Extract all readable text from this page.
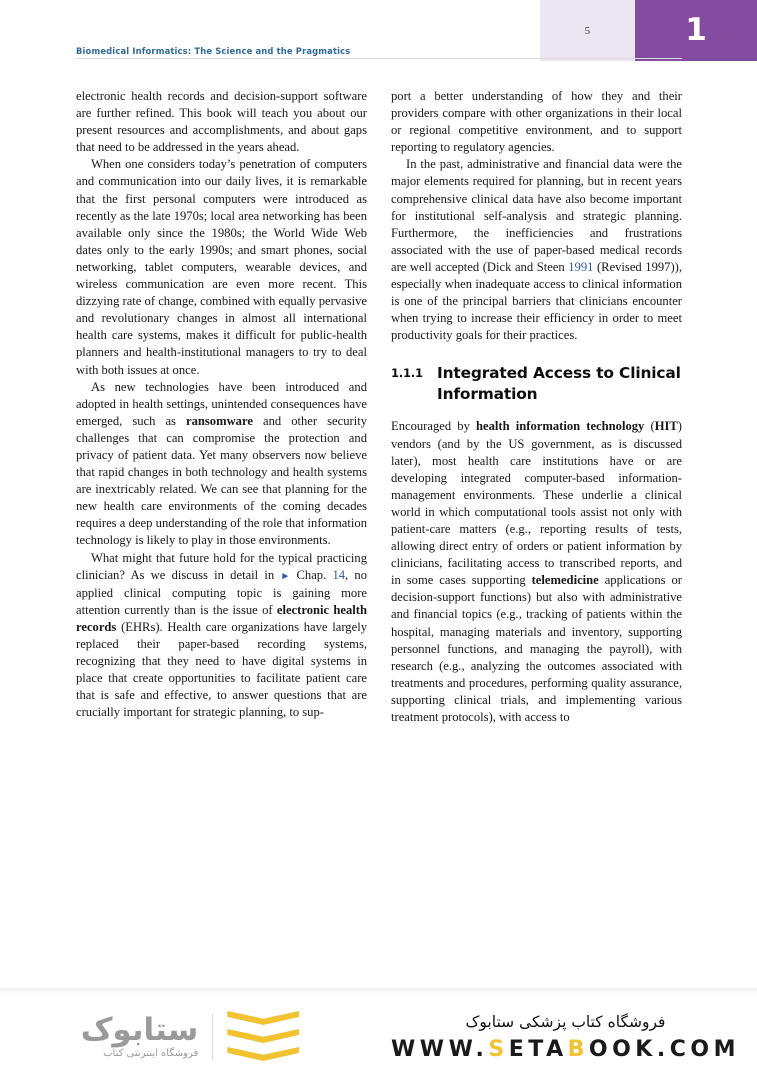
5	1
Biomedical Informatics: The Science and the Pragmatics

electronic health records and decision-support software are further refined. This book will teach you about our present resources and accomplishments, and about gaps that need to be addressed in the years ahead.

When one considers today’s penetration of computers and communication into our daily lives, it is remarkable that the first personal computers were introduced as recently as the late 1970s; local area networking has been available only since the 1980s; the World Wide Web dates only to the early 1990s; and smart phones, social networking, tablet computers, wearable devices, and wireless communication are even more recent. This dizzying rate of change, combined with equally pervasive and revolutionary changes in almost all international health care systems, makes it difficult for public-health planners and health-institutional managers to try to deal with both issues at once.

As new technologies have been introduced and adopted in health settings, unintended consequences have emerged, such as ransomware and other security challenges that can compromise the protection and privacy of patient data. Yet many observers now believe that rapid changes in both technology and health systems are inextricably related. We can see that planning for the new health care environments of the coming decades requires a deep understanding of the role that information technology is likely to play in those environments.

What might that future hold for the typical practicing clinician? As we discuss in detail in ► Chap. 14, no applied clinical computing topic is gaining more attention currently than is the issue of electronic health records (EHRs). Health care organizations have largely replaced their paper-based recording systems, recognizing that they need to have digital systems in place that create opportunities to facilitate patient care that is safe and effective, to answer questions that are crucially important for strategic planning, to sup-

port a better understanding of how they and their providers compare with other organizations in their local or regional competitive environment, and to support reporting to regulatory agencies.

In the past, administrative and financial data were the major elements required for planning, but in recent years comprehensive clinical data have also become important for institutional self-analysis and strategic planning. Furthermore, the inefficiencies and frustrations associated with the use of paper-based medical records are well accepted (Dick and Steen 1991 (Revised 1997)), especially when inadequate access to clinical information is one of the principal barriers that clinicians encounter when trying to increase their efficiency in order to meet productivity goals for their practices.

1.1.1 Integrated Access to Clinical Information

Encouraged by health information technology (HIT) vendors (and by the US government, as is discussed later), most health care institutions have or are developing integrated computer-based information-management environments. These underlie a clinical world in which computational tools assist not only with patient-care matters (e.g., reporting results of tests, allowing direct entry of orders or patient information by clinicians, facilitating access to transcribed reports, and in some cases supporting telemedicine applications or decision-support functions) but also with administrative and financial topics (e.g., tracking of patients within the hospital, managing materials and inventory, supporting personnel functions, and managing the payroll), with research (e.g., analyzing the outcomes associated with treatments and procedures, performing quality assurance, supporting clinical trials, and implementing various treatment protocols), with access to

ستابوک
فروشگاه اینترنتی کتاب
فروشگاه کتاب پزشکی ستابوک
WWW.SETABOOK.COM
